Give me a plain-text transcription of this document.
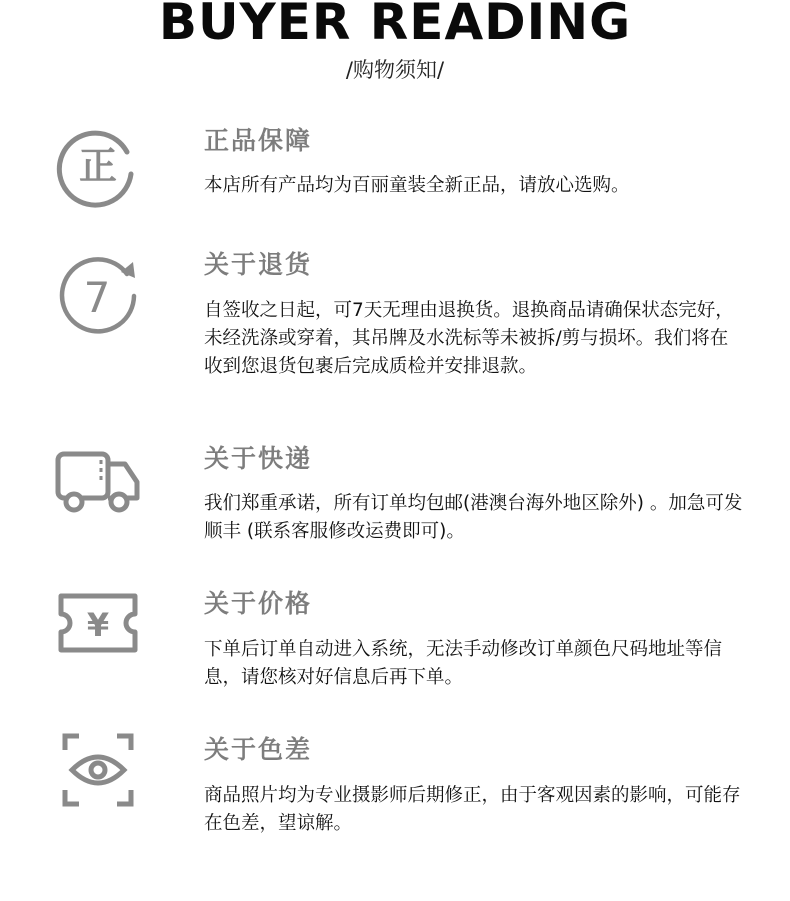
BUYER READING
/购物须知/
正
正品保障
本店所有产品均为百丽童装全新正品，请放心选购。
7
关于退货
自签收之日起，可7天无理由退换货。退换商品请确保状态完好，未经洗涤或穿着，其吊牌及水洗标等未被拆/剪与损坏。我们将在收到您退货包裹后完成质检并安排退款。
关于快递
我们郑重承诺，所有订单均包邮(港澳台海外地区除外) 。加急可发顺丰 (联系客服修改运费即可)。
¥
关于价格
下单后订单自动进入系统，无法手动修改订单颜色尺码地址等信息，请您核对好信息后再下单。
关于色差
商品照片均为专业摄影师后期修正，由于客观因素的影响，可能存在色差，望谅解。
